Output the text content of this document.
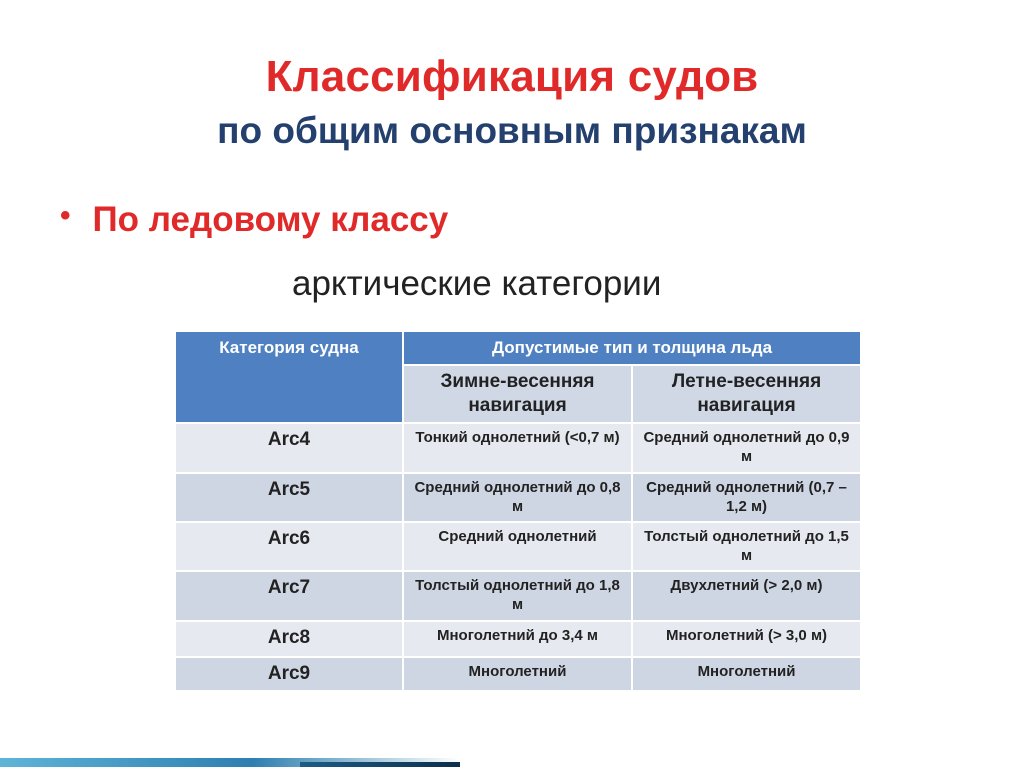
Классификация судов
по общим основным признакам
• По ледовому классу
арктические категории
Категория судна	Допустимые тип и толщина льда	
	Зимне-весенняя навигация	Летне-весенняя навигация
Arc4	Тонкий однолетний (<0,7 м)	Средний однолетний до 0,9 м
Arc5	Средний однолетний до 0,8 м	Средний однолетний (0,7 – 1,2 м)
Arc6	Средний однолетний	Толстый однолетний до 1,5 м
Arc7	Толстый однолетний до 1,8 м	Двухлетний (> 2,0 м)
Arc8	Многолетний до 3,4 м	Многолетний (> 3,0 м)
Arc9	Многолетний	Многолетний
